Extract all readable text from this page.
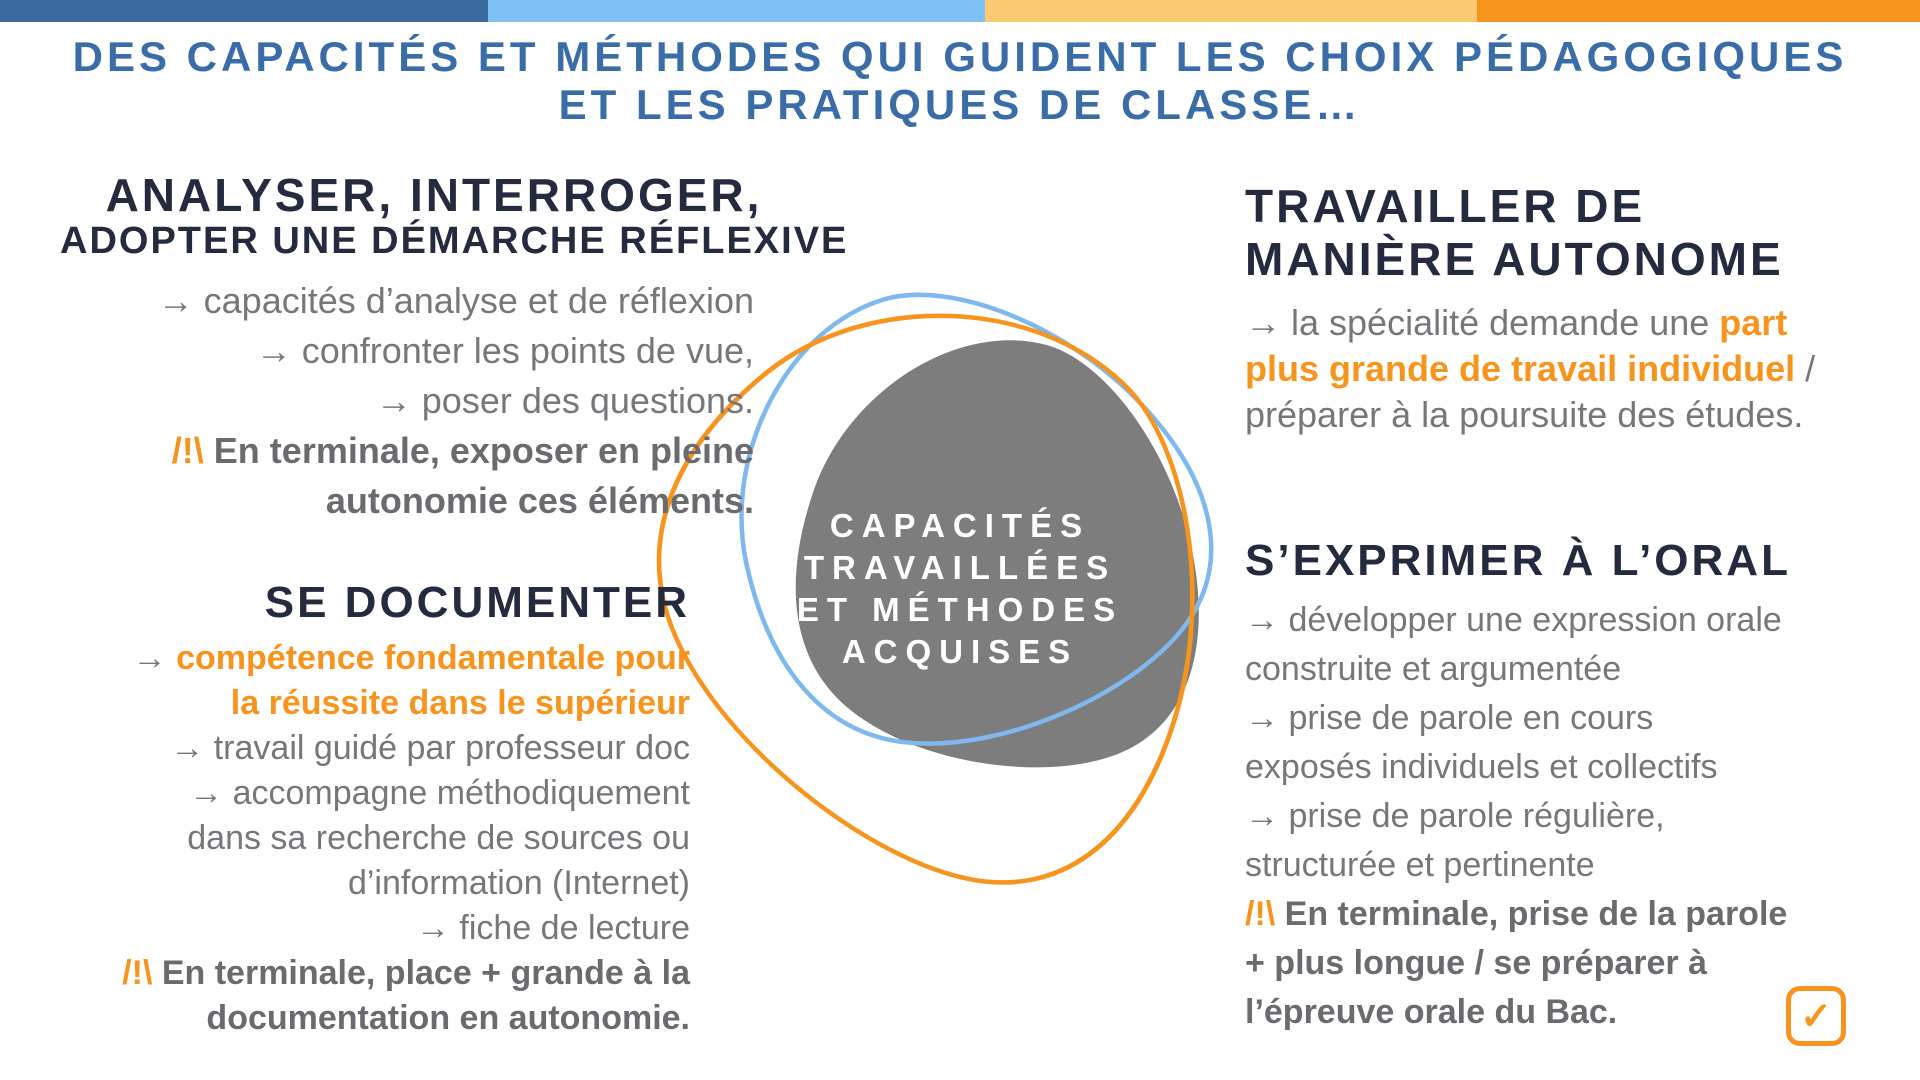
DES CAPACITÉS ET MÉTHODES QUI GUIDENT LES CHOIX PÉDAGOGIQUES
ET LES PRATIQUES DE CLASSE…
CAPACITÉS
TRAVAILLÉES
ET MÉTHODES
ACQUISES
ANALYSER, INTERROGER,
ADOPTER UNE DÉMARCHE RÉFLEXIVE
→ capacités d’analyse et de réflexion
→ confronter les points de vue,
→ poser des questions.
/!\ En terminale, exposer en pleine
autonomie ces éléments.
SE DOCUMENTER
→ compétence fondamentale pour
la réussite dans le supérieur
→ travail guidé par professeur doc
→ accompagne méthodiquement
dans sa recherche de sources ou
d’information (Internet)
→ fiche de lecture
/!\ En terminale, place + grande à la
documentation en autonomie.
TRAVAILLER DE
MANIÈRE AUTONOME
→ la spécialité demande une part
plus grande de travail individuel /
préparer à la poursuite des études.
S’EXPRIMER À L’ORAL
→ développer une expression orale
construite et argumentée
→ prise de parole en cours
exposés individuels et collectifs
→ prise de parole régulière,
structurée et pertinente
/!\ En terminale, prise de la parole
+ plus longue / se préparer à
l’épreuve orale du Bac.	✓
